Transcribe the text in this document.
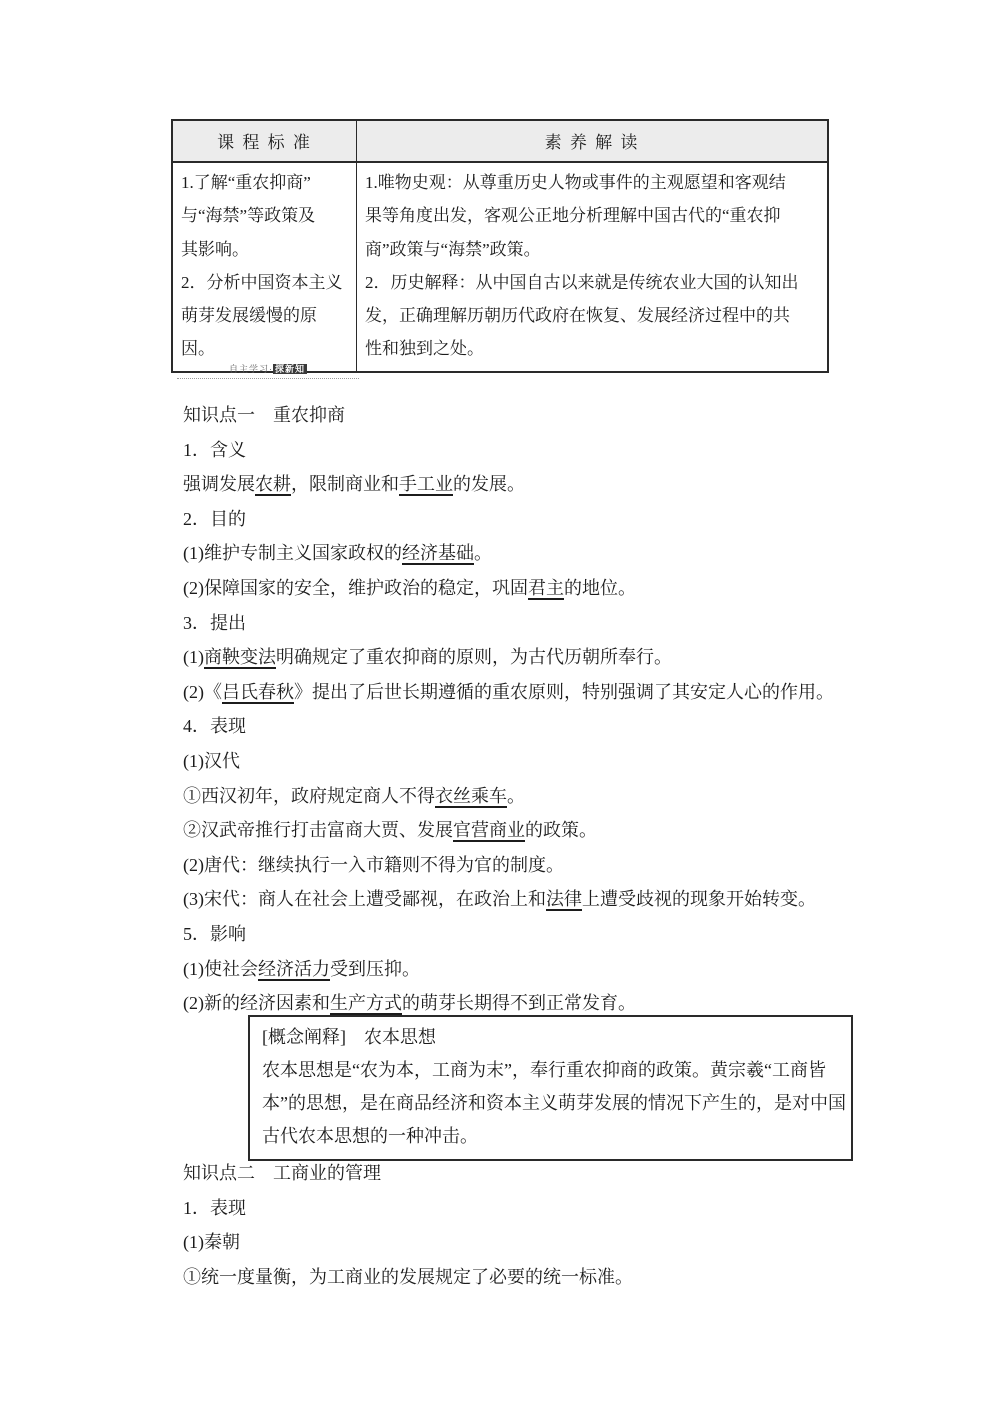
课 程 标 准	素 养 解 读
1.了解“重农抑商”
与“海禁”等政策及
其影响。
2．分析中国资本主义
萌芽发展缓慢的原
因。
1.唯物史观：从尊重历史人物或事件的主观愿望和客观结
果等角度出发，客观公正地分析理解中国古代的“重农抑
商”政策与“海禁”政策。
2．历史解释：从中国自古以来就是传统农业大国的认知出
发，正确理解历朝历代政府在恢复、发展经济过程中的共
性和独到之处。
自主学习· 探新知
知识点一　重农抑商
1．含义
强调发展农耕，限制商业和手工业的发展。
2．目的
(1)维护专制主义国家政权的经济基础。
(2)保障国家的安全，维护政治的稳定，巩固君主的地位。
3．提出
(1)商鞅变法明确规定了重农抑商的原则，为古代历朝所奉行。
(2)《吕氏春秋》提出了后世长期遵循的重农原则，特别强调了其安定人心的作用。
4．表现
(1)汉代
①西汉初年，政府规定商人不得衣丝乘车。
②汉武帝推行打击富商大贾、发展官营商业的政策。
(2)唐代：继续执行一入市籍则不得为官的制度。
(3)宋代：商人在社会上遭受鄙视，在政治上和法律上遭受歧视的现象开始转变。
5．影响
(1)使社会经济活力受到压抑。
(2)新的经济因素和生产方式的萌芽长期得不到正常发育。
[概念阐释] 农本思想
农本思想是“农为本，工商为末”，奉行重农抑商的政策。黄宗羲“工商皆
本”的思想，是在商品经济和资本主义萌芽发展的情况下产生的，是对中国
古代农本思想的一种冲击。
知识点二　工商业的管理
1．表现
(1)秦朝
①统一度量衡，为工商业的发展规定了必要的统一标准。
